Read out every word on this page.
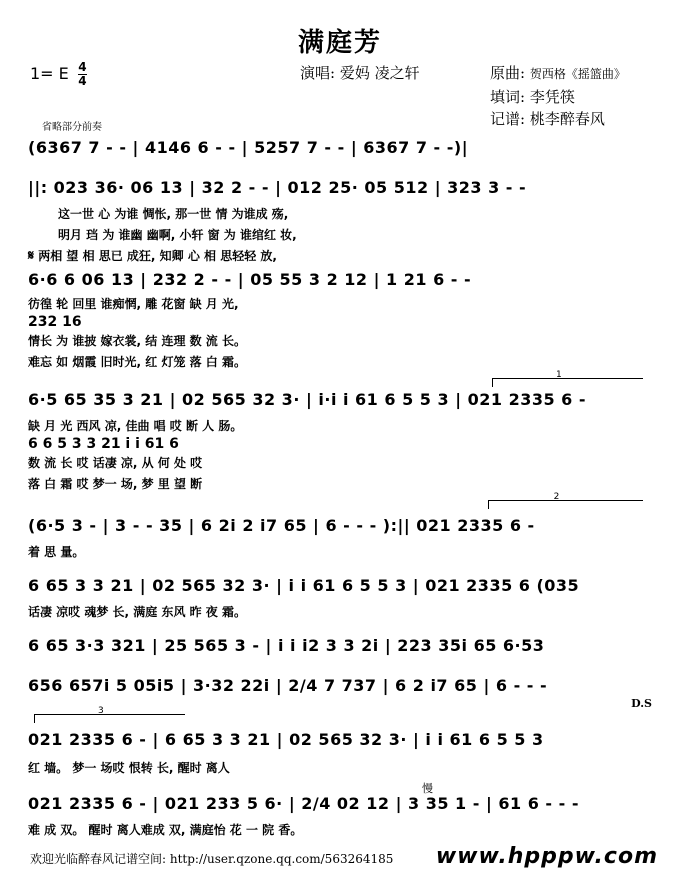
满庭芳
1= E $\frac{4}{4}$	演唱: 爱妈 凌之轩	原曲: 贺西格《摇篮曲》
填词: 李凭筷
记谱: 桃李醉春风
省略部分前奏
(6367 7 - - | 4146 6 - - | 5257 7 - - | 6367 7 - -)|
||: 023 36· 06 13 | 32 2 - - | 012 25· 05 512 | 323 3 - -
这一世 心 为谁 惆怅, 那一世 情 为谁成 殇,
明月 珰 为 谁幽 幽啊, 小轩 窗 为 谁绾红 妆,
𝄋 两相 望 相 思已 成狂, 知卿 心 相 思轻轻 放,
6·6 6 06 13 | 232 2 - - | 05 55 3 2 12 | 1 21 6 - -
彷徨 轮 回里 谁痴惘, 雕 花窗 缺 月 光,
232 16
情长 为 谁披 嫁衣裳, 结 连理 数 流 长。
难忘 如 烟霞 旧时光, 红 灯笼 落 白 霜。
1
6·5 65 35 3 21 | 02 565 32 3· | i·i i 61 6 5 5 3 | 021 2335 6 -
缺 月 光 西风 凉, 佳曲 唱 哎 断 人 肠。
6 6 5 3 3 21 i i 61 6
数 流 长 哎 话凄 凉, 从 何 处 哎
落 白 霜 哎 梦一 场, 梦 里 望 断
2
(6·5 3 - | 3 - - 35 | 6 2i 2 i7 65 | 6 - - - ):|| 021 2335 6 -
着 思 量。
6 65 3 3 21 | 02 565 32 3· | i i 61 6 5 5 3 | 021 2335 6 (035
话凄 凉哎 魂梦 长, 满庭 东风 昨 夜 霜。
6 65 3·3 321 | 25 565 3 - | i i i2 3 3 2i | 223 35i 65 6·53
656 657i 5 05i5 | 3·32 22i | 2/4 7 737 | 6 2 i7 65 | 6 - - -
D.S
3
021 2335 6 - | 6 65 3 3 21 | 02 565 32 3· | i i 61 6 5 5 3
红 墙。 梦一 场哎 恨转 长, 醒时 离人
慢
021 2335 6 - | 021 233 5 6· | 2/4 02 12 | 3 35 1 - | 61 6 - - -
难 成 双。 醒时 离人难成 双, 满庭怡 花 一 院 香。
欢迎光临醉春风记谱空间: http://user.qzone.qq.com/563264185 www.hpppw.com
